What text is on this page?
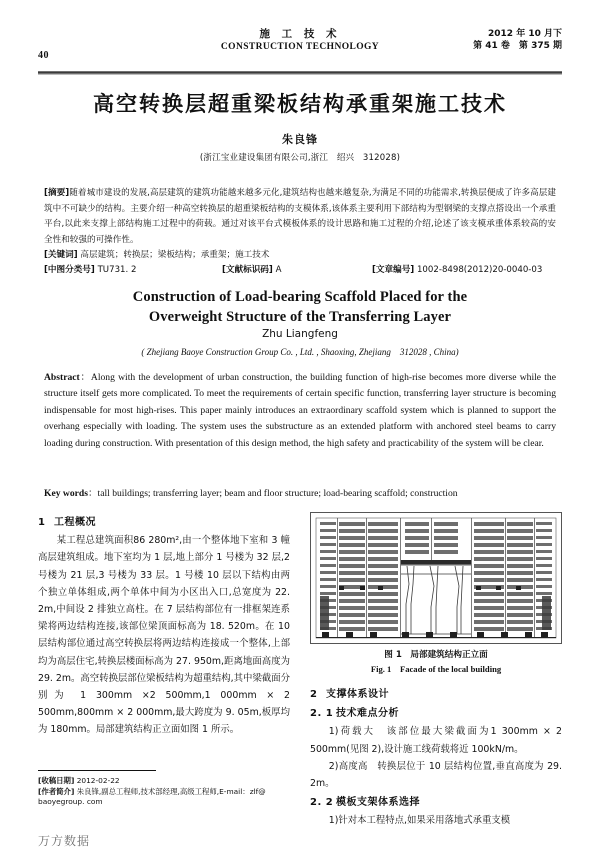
40
施 工 技 术
CONSTRUCTION TECHNOLOGY
2012 年 10 月下
第 41 卷　第 375 期
高空转换层超重梁板结构承重架施工技术
朱良锋
(浙江宝业建设集团有限公司,浙江　绍兴　312028)
[摘要]随着城市建设的发展,高层建筑的建筑功能越来越多元化,建筑结构也越来越复杂,为满足不同的功能需求,转换层便成了许多高层建筑中不可缺少的结构。主要介绍一种高空转换层的超重梁板结构的支模体系,该体系主要利用下部结构为型钢梁的支撑点搭设出一个承重平台,以此来支撑上部结构施工过程中的荷载。通过对该平台式模板体系的设计思路和施工过程的介绍,论述了该支模承重体系较高的安全性和较强的可操作性。
[关键词] 高层建筑；转换层；梁板结构；承重架；施工技术
[中图分类号] TU731. 2	[文献标识码] A	[文章编号] 1002-8498(2012)20-0040-03
Construction of Load-bearing Scaffold Placed for the
Overweight Structure of the Transferring Layer
Zhu Liangfeng
( Zhejiang Baoye Construction Group Co. , Ltd. , Shaoxing, Zhejiang　312028 , China)
Abstract：Along with the development of urban construction, the building function of high-rise becomes more diverse while the structure itself gets more complicated. To meet the requirements of certain specific function, transferring layer structure is becoming indispensable for most high-rises. This paper mainly introduces an extraordinary scaffold system which is planned to support the overhang especially with loading. The system uses the substructure as an extended platform with anchored steel beams to carry loading during construction. With presentation of this design method, the high safety and practicability of the system will be clear.
Key words：tall buildings; transferring layer; beam and floor structure; load-bearing scaffold; construction
1 工程概况

某工程总建筑面积86 280m²,由一个整体地下室和 3 幢高层建筑组成。地下室均为 1 层,地上部分 1 号楼为 32 层,2 号楼为 21 层,3 号楼为 33 层。1 号楼 10 层以下结构由两个独立单体组成,两个单体中间为小区出入口,总宽度为 22. 2m,中间设 2 排独立高柱。在 7 层结构部位有一排框架连系梁将两边结构连接,该部位梁顶面标高为 18. 520m。在 10 层结构部位通过高空转换层将两边结构连接成一个整体,上部均为高层住宅,转换层楼面标高为 27. 950m,距离地面高度为 29. 2m。高空转换层部位梁板结构为超重结构,其中梁截面分别为 1 300mm ×2 500mm,1 000mm × 2 500mm,800mm × 2 000mm,最大跨度为 9. 05m,板厚均为 180mm。局部建筑结构正立面如图 1 所示。

图 1　局部建筑结构正立面
Fig. 1　Facade of the local building
2 支撑体系设计
2. 1 技术难点分析

1)荷载大　该部位最大梁截面为1 300mm × 2 500mm(见图 2),设计施工线荷载将近 100kN/m。

2)高度高　转换层位于 10 层结构位置,垂直高度为 29. 2m。

2. 2 模板支架体系选择

1)针对本工程特点,如果采用落地式承重支模

[收稿日期] 2012-02-22
[作者简介] 朱良锋,副总工程师,技术部经理,高级工程师,E-mail：zlf@ baoyegroup. com
万方数据
